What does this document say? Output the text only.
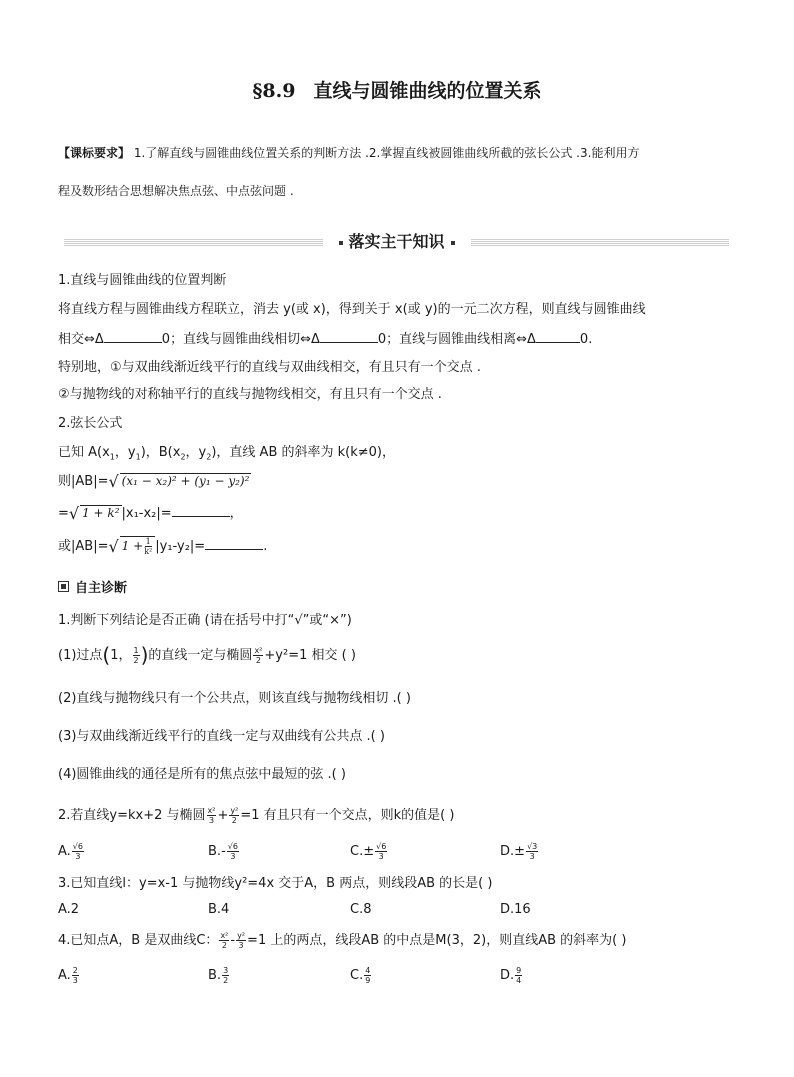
§8.9 直线与圆锥曲线的位置关系
【课标要求】 1.了解直线与圆锥曲线位置关系的判断方法 .2.掌握直线被圆锥曲线所截的弦长公式 .3.能利用方
程及数形结合思想解决焦点弦、中点弦问题 .
落实主干知识
1.直线与圆锥曲线的位置判断
将直线方程与圆锥曲线方程联立，消去 y(或 x)，得到关于 x(或 y)的一元二次方程，则直线与圆锥曲线
相交⇔Δ	0；直线与圆锥曲线相切⇔Δ	0；直线与圆锥曲线相离⇔Δ	0.
特别地，①与双曲线渐近线平行的直线与双曲线相交，有且只有一个交点 .
②与抛物线的对称轴平行的直线与抛物线相交，有且只有一个交点 .
2.弦长公式
已知 $A(x_1$，$y_1$)，$B(x_2$，$y_2$)，直线 AB 的斜率为 k(k≠0)，
则|AB|=√ (x₁ − x₂)² + (y₁ − y₂)²
=√ 1 + k² |x₁-x₂|=	，
或|AB|=√ $1 + \frac{1}{\text{k²}} |y_1-y_2|=$	.
自主诊断
1.判断下列结论是否正确 (请在括号中打“√”或“×”)
(1)过点(1， $\frac{1}{2}$ )的直线一定与椭圆 $\frac{\text{x²}}{2} +y^2=1$ 相交 ( )
(2)直线与抛物线只有一个公共点，则该直线与抛物线相切 .( )
(3)与双曲线渐近线平行的直线一定与双曲线有公共点 .( )
(4)圆锥曲线的通径是所有的焦点弦中最短的弦 .( )
2.若直线y=kx+2 与椭圆 $\frac{\text{x²}}{3} + \frac{\text{y²}}{2} =1$ 有且只有一个交点，则k的值是( )
A. $\frac{√6}{3}$	$B.- \frac{√6}{3}$	$C.\pm \frac{√6}{3}$	$D.\pm \frac{√3}{3}$
3.已知直线l：y=x-1 与抛物线y²=4x 交于A，B 两点，则线段AB 的长是( )
A.2	B.4	C.8	D.16
4.已知点A，B 是双曲线C： $\frac{\text{x²}}{2} - \frac{\text{y²}}{3} =1$ 上的两点，线段AB 的中点是M(3，2)，则直线AB 的斜率为( )
A. $\frac{2}{3}$	B. $\frac{3}{2}$	C. $\frac{4}{9}$	D. $\frac{9}{4}$
